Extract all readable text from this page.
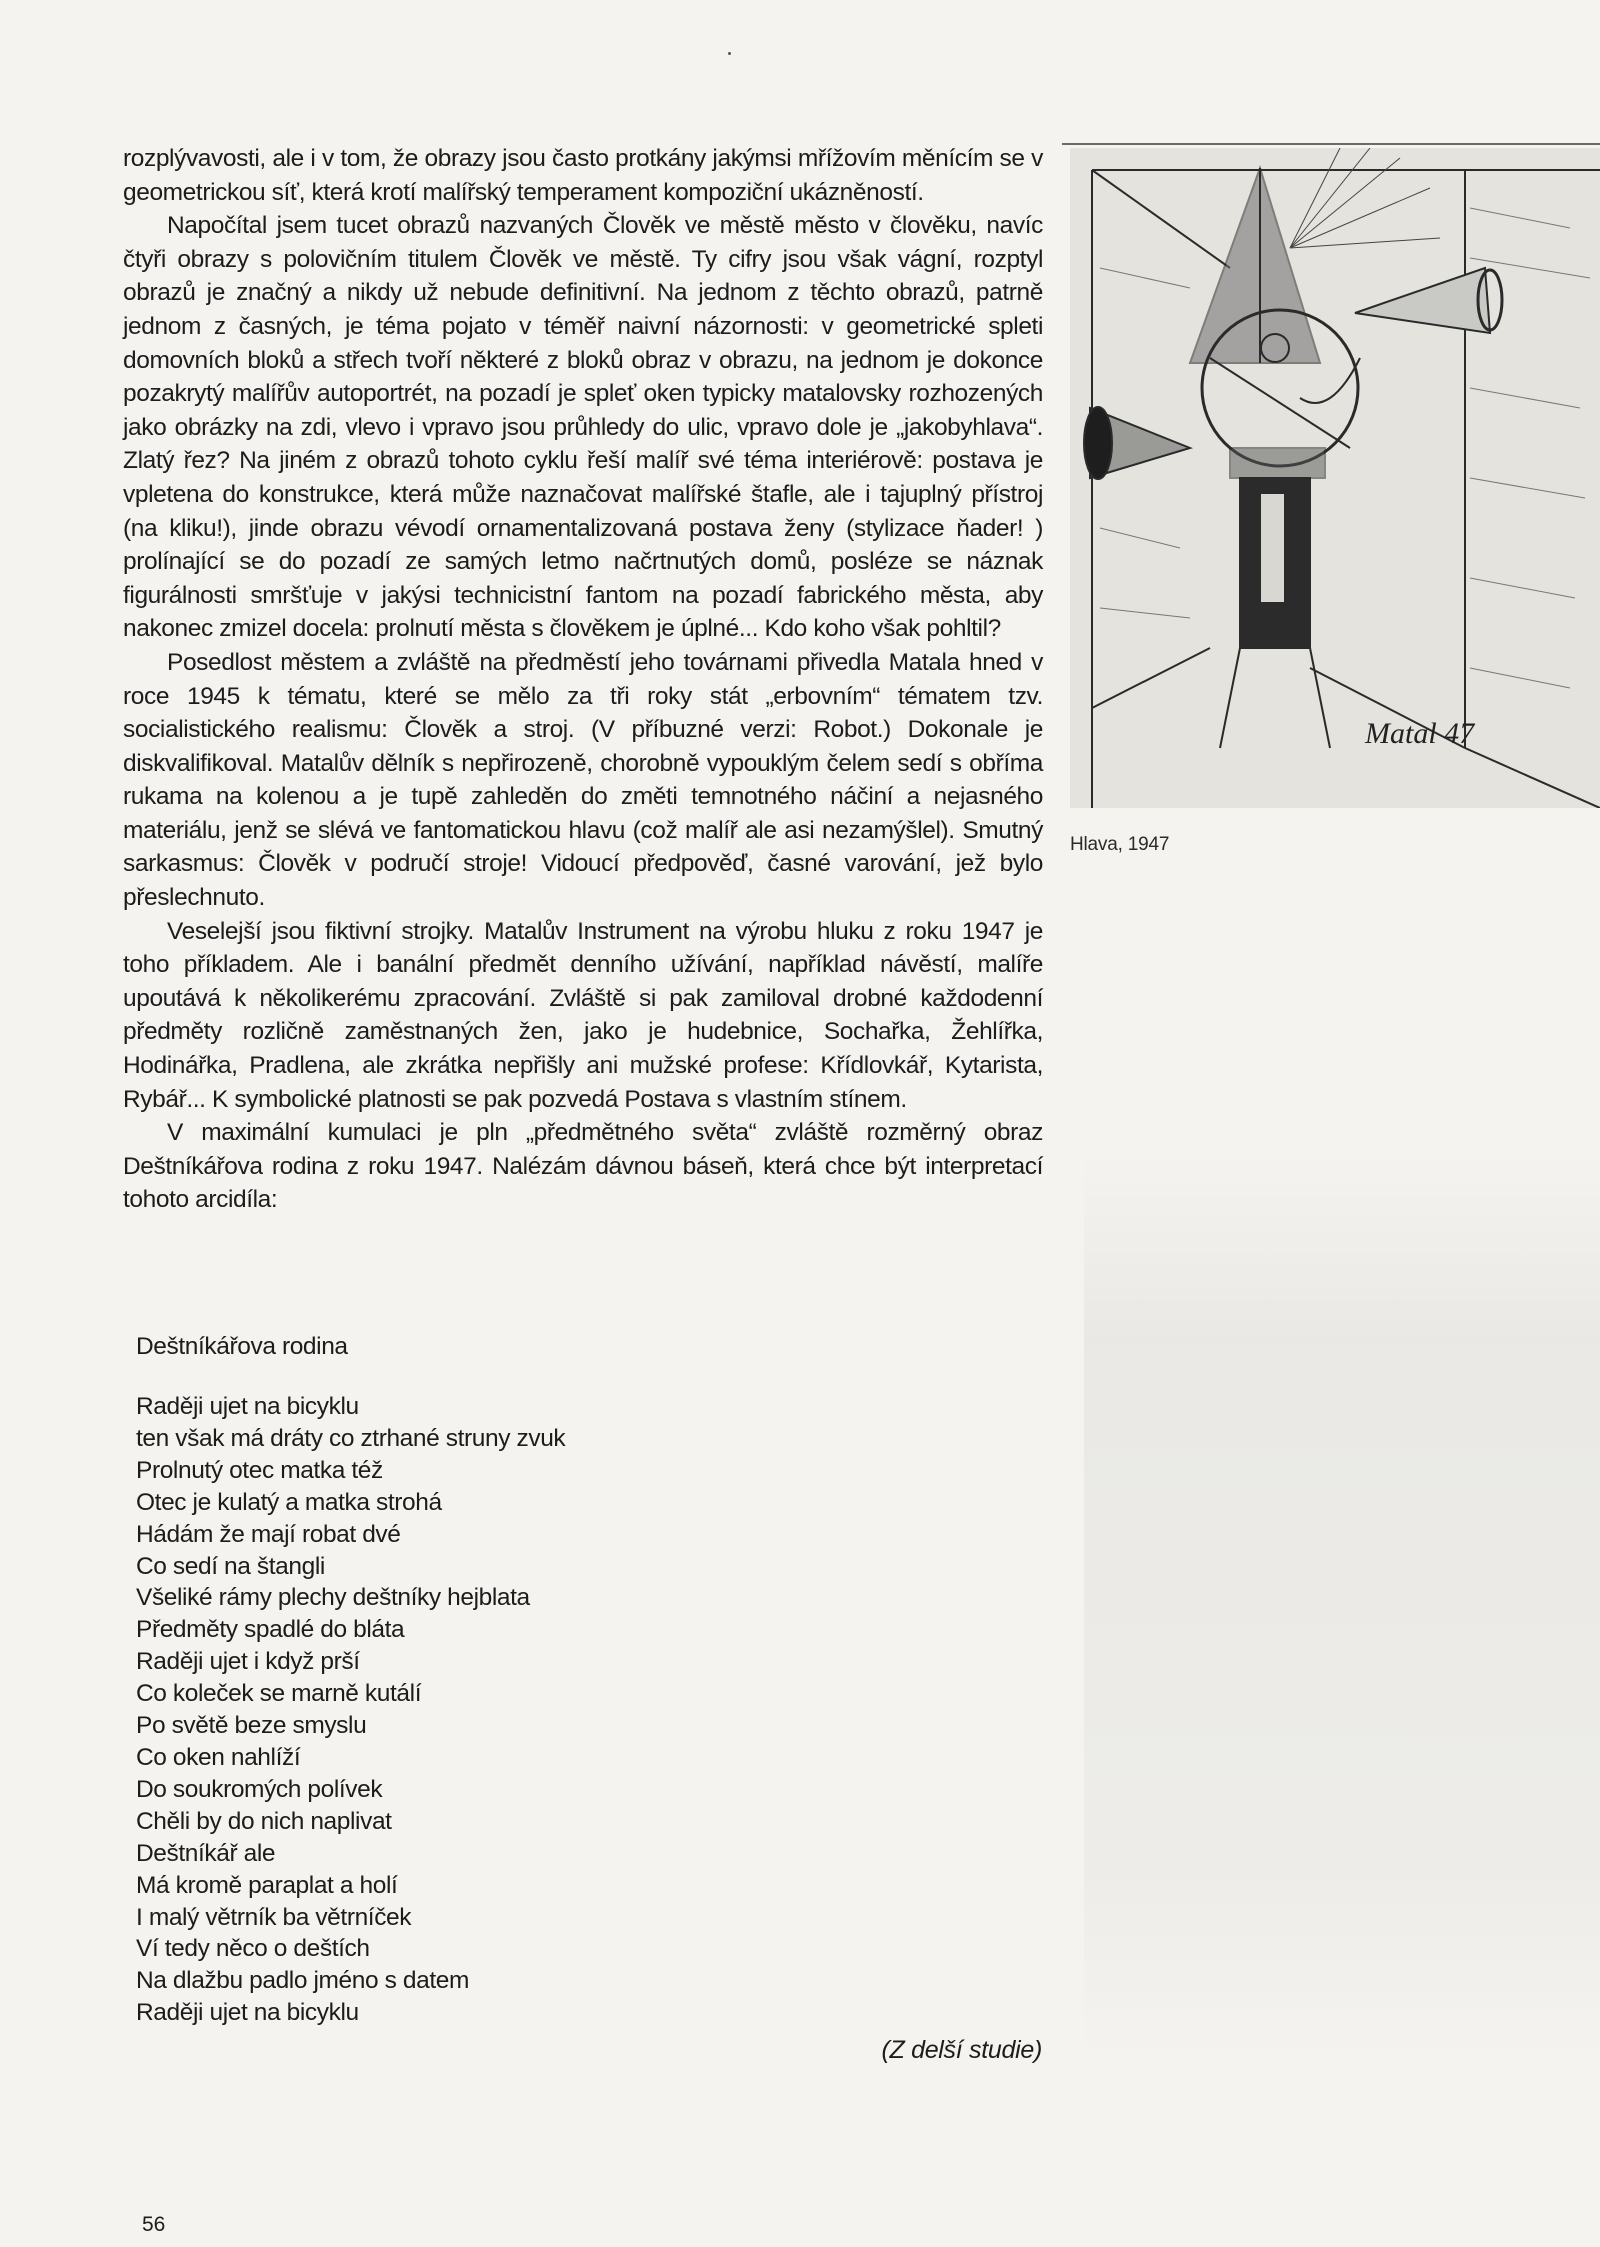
rozplývavosti, ale i v tom, že obrazy jsou často protkány jakýmsi mřížovím měnícím se v geometrickou síť, která krotí malířský temperament kompoziční ukázněností.

Napočítal jsem tucet obrazů nazvaných Člověk ve městě město v člověku, navíc čtyři obrazy s polovičním titulem Člověk ve městě. Ty cifry jsou však vágní, rozptyl obrazů je značný a nikdy už nebude definitivní. Na jednom z těchto obrazů, patrně jednom z časných, je téma pojato v téměř naivní názornosti: v geometrické spleti domovních bloků a střech tvoří některé z bloků obraz v obrazu, na jednom je dokonce pozakrytý malířův autoportrét, na pozadí je spleť oken typicky matalovsky rozhozených jako obrázky na zdi, vlevo i vpravo jsou průhledy do ulic, vpravo dole je „jakobyhlava“. Zlatý řez? Na jiném z obrazů tohoto cyklu řeší malíř své téma interiérově: postava je vpletena do konstrukce, která může naznačovat malířské štafle, ale i tajuplný přístroj (na kliku!), jinde obrazu vévodí ornamentalizovaná postava ženy (stylizace ňader! ) prolínající se do pozadí ze samých letmo načrtnutých domů, posléze se náznak figurálnosti smršťuje v jakýsi technicistní fantom na pozadí fabrického města, aby nakonec zmizel docela: prolnutí města s člověkem je úplné... Kdo koho však pohltil?

Posedlost městem a zvláště na předměstí jeho továrnami přivedla Matala hned v roce 1945 k tématu, které se mělo za tři roky stát „erbovním“ tématem tzv. socialistického realismu: Člověk a stroj. (V příbuzné verzi: Robot.) Dokonale je diskvalifikoval. Matalův dělník s nepřirozeně, chorobně vypouklým čelem sedí s obříma rukama na kolenou a je tupě zahleděn do změti temnotného náčiní a nejasného materiálu, jenž se slévá ve fantomatickou hlavu (což malíř ale asi nezamýšlel). Smutný sarkasmus: Člověk v područí stroje! Vidoucí předpověď, časné varování, jež bylo přeslechnuto.

Veselejší jsou fiktivní strojky. Matalův Instrument na výrobu hluku z roku 1947 je toho příkladem. Ale i banální předmět denního užívání, například návěstí, malíře upoutává k několikerému zpracování. Zvláště si pak zamiloval drobné každodenní předměty rozličně zaměstnaných žen, jako je hudebnice, Sochařka, Žehlířka, Hodinářka, Pradlena, ale zkrátka nepřišly ani mužské profese: Křídlovkář, Kytarista, Rybář... K symbolické platnosti se pak pozvedá Postava s vlastním stínem.

V maximální kumulaci je pln „předmětného světa“ zvláště rozměrný obraz Deštníkářova rodina z roku 1947. Nalézám dávnou báseň, která chce být interpretací tohoto arcidíla:

Deštníkářova rodina
Raději ujet na bicyklu
ten však má dráty co ztrhané struny zvuk
Prolnutý otec matka též
Otec je kulatý a matka strohá
Hádám že mají robat dvé
Co sedí na štangli
Všeliké rámy plechy deštníky hejblata
Předměty spadlé do bláta
Raději ujet i když prší
Co koleček se marně kutálí
Po světě beze smyslu
Co oken nahlíží
Do soukromých polívek
Chěli by do nich naplivat
Deštníkář ale
Má kromě paraplat a holí
I malý větrník ba větrníček
Ví tedy něco o deštích
Na dlažbu padlo jméno s datem
Raději ujet na bicyklu
(Z delší studie)
56
Matal 47
Hlava, 1947
